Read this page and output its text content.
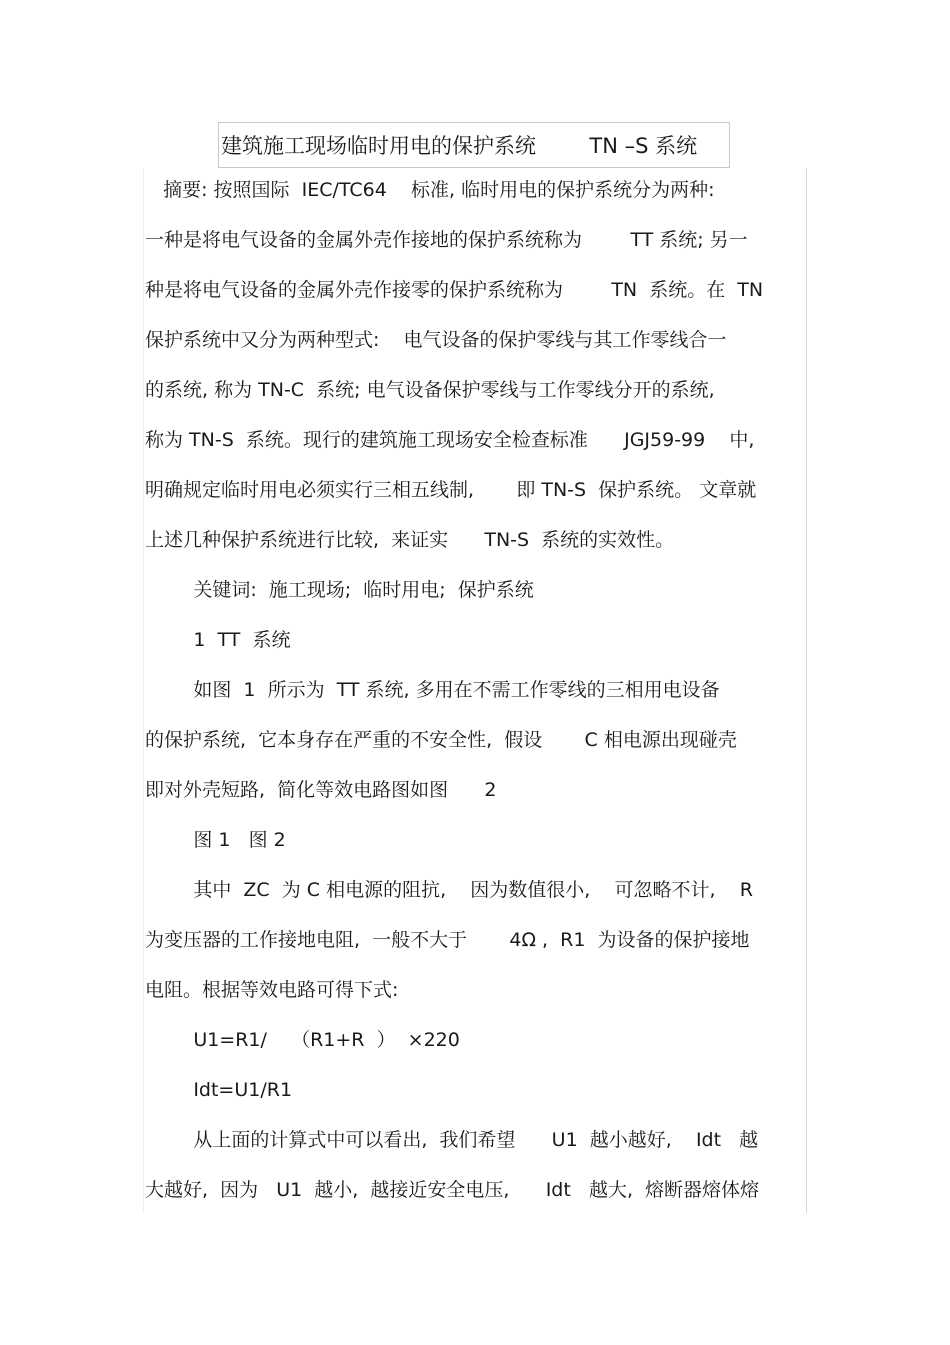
建筑施工现场临时用电的保护系统        TN –S 系统
摘要: 按照国际  IEC/TC64    标准, 临时用电的保护系统分为两种:
一种是将电气设备的金属外壳作接地的保护系统称为        TT 系统; 另一
种是将电气设备的金属外壳作接零的保护系统称为        TN  系统。在  TN
保护系统中又分为两种型式:    电气设备的保护零线与其工作零线合一
的系统, 称为 TN-C  系统; 电气设备保护零线与工作零线分开的系统,
称为 TN-S  系统。现行的建筑施工现场安全检查标准      JGJ59-99    中,
明确规定临时用电必须实行三相五线制,       即 TN-S  保护系统。 文章就
上述几种保护系统进行比较,  来证实      TN-S  系统的实效性。
关键词:  施工现场;  临时用电;  保护系统
1  TT  系统
如图  1  所示为  TT 系统, 多用在不需工作零线的三相用电设备
的保护系统,  它本身存在严重的不安全性,  假设       C 相电源出现碰壳
即对外壳短路,  简化等效电路图如图      2
图 1   图 2
其中  ZC  为 C 相电源的阻抗,    因为数值很小,    可忽略不计,    R
为变压器的工作接地电阻,  一般不大于       4Ω ,  R1  为设备的保护接地
电阻。根据等效电路可得下式:
U1=R1/    （R1+R  ）  ×220
Idt=U1/R1
从上面的计算式中可以看出,  我们希望      U1  越小越好,    Idt   越
大越好,  因为   U1  越小,  越接近安全电压,      Idt   越大,  熔断器熔体熔
